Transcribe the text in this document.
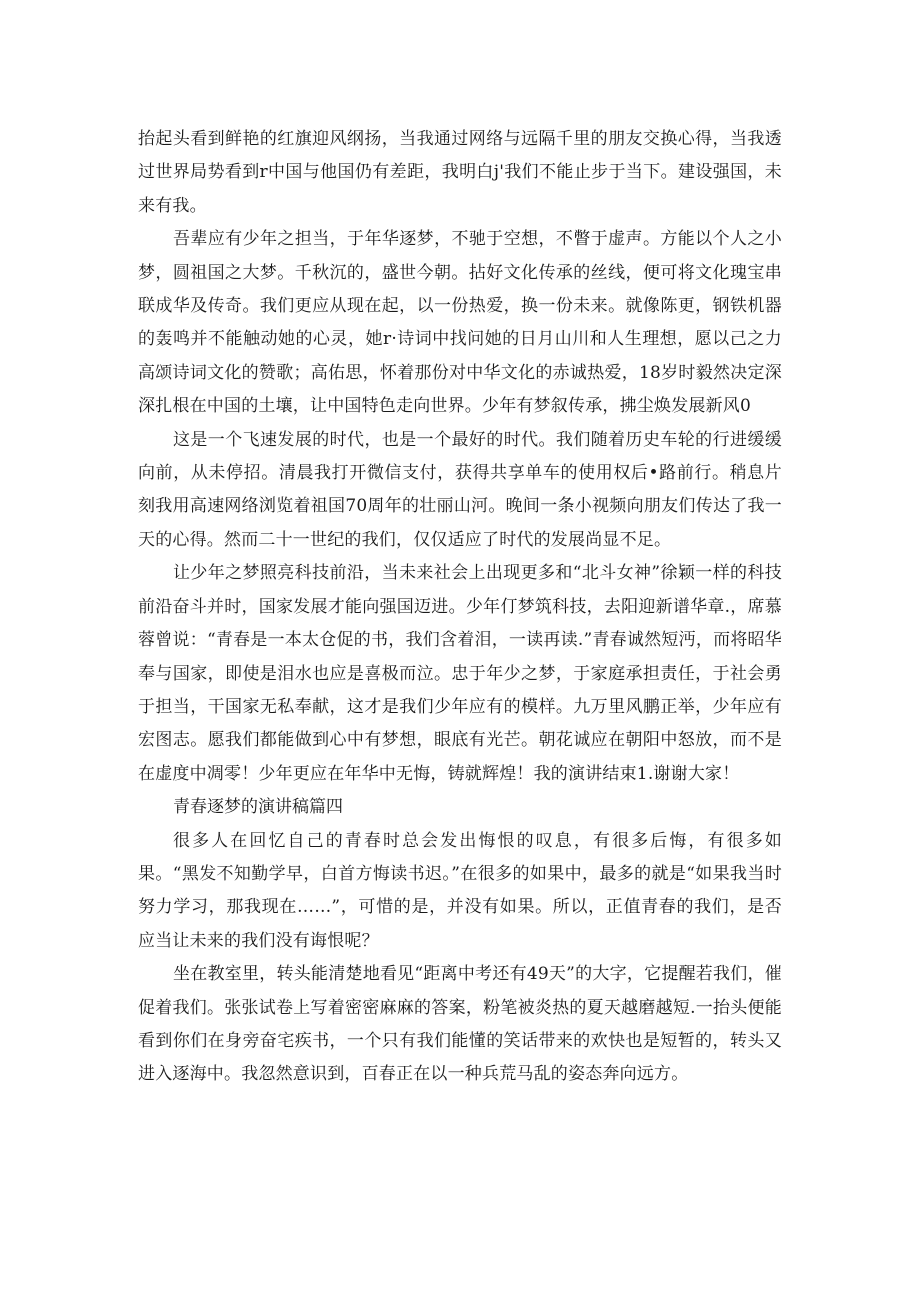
抬起头看到鲜艳的红旗迎风纲扬，当我通过网络与远隔千里的朋友交换心得，当我透过世界局势看到r中国与他国仍有差距，我明白j'我们不能止步于当下。建设强国，未来有我。

吾辈应有少年之担当，于年华逐梦，不驰于空想，不瞥于虚声。方能以个人之小梦，圆祖国之大梦。千秋沉的，盛世今朝。拈好文化传承的丝线，便可将文化瑰宝串联成华及传奇。我们更应从现在起，以一份热爱，换一份未来。就像陈更，钢铁机器的轰鸣并不能触动她的心灵，她r·诗词中找问她的日月山川和人生理想，愿以己之力高颂诗词文化的赞歌；高佑思，怀着那份对中华文化的赤诚热爱，18岁时毅然决定深深扎根在中国的土壤，让中国特色走向世界。少年有梦叙传承，拂尘焕发展新风0

这是一个飞速发展的时代，也是一个最好的时代。我们随着历史车轮的行进缓缓向前，从未停招。清晨我打开微信支付，获得共享单车的使用权后•路前行。稍息片刻我用高速网络浏览着祖国70周年的壮丽山河。晚间一条小视频向朋友们传达了我一天的心得。然而二十一世纪的我们，仅仅适应了时代的发展尚显不足。

让少年之梦照亮科技前沿，当未来社会上出现更多和“北斗女神”徐颖一样的科技前沿奋斗并时，国家发展才能向强国迈进。少年仃梦筑科技，去阳迎新谱华章.，席慕蓉曾说：“青春是一本太仓促的书，我们含着泪，一读再读.”青春诚然短沔，而将昭华奉与国家，即使是泪水也应是喜极而泣。忠于年少之梦，于家庭承担责任，于社会勇于担当，干国家无私奉献，这才是我们少年应有的模样。九万里风鹏正举，少年应有宏图志。愿我们都能做到心中有梦想，眼底有光芒。朝花诚应在朝阳中怒放，而不是在虚度中凋零！少年更应在年华中无悔，铸就辉煌！我的演讲结束1.谢谢大家！

青春逐梦的演讲稿篇四

很多人在回忆自己的青春时总会发出悔恨的叹息，有很多后悔，有很多如果。“黑发不知勤学早，白首方悔读书迟。”在很多的如果中，最多的就是“如果我当时努力学习，那我现在……”，可惜的是，并没有如果。所以，正值青春的我们，是否应当让未来的我们没有诲恨呢？

坐在教室里，转头能清楚地看见“距离中考还有49天”的大字，它提醒若我们，催促着我们。张张试卷上写着密密麻麻的答案，粉笔被炎热的夏天越磨越短.一抬头便能看到你们在身旁奋宅疾书，一个只有我们能懂的笑话带来的欢快也是短暂的，转头又进入逐海中。我忽然意识到，百春正在以一种兵荒马乱的姿态奔向远方。
